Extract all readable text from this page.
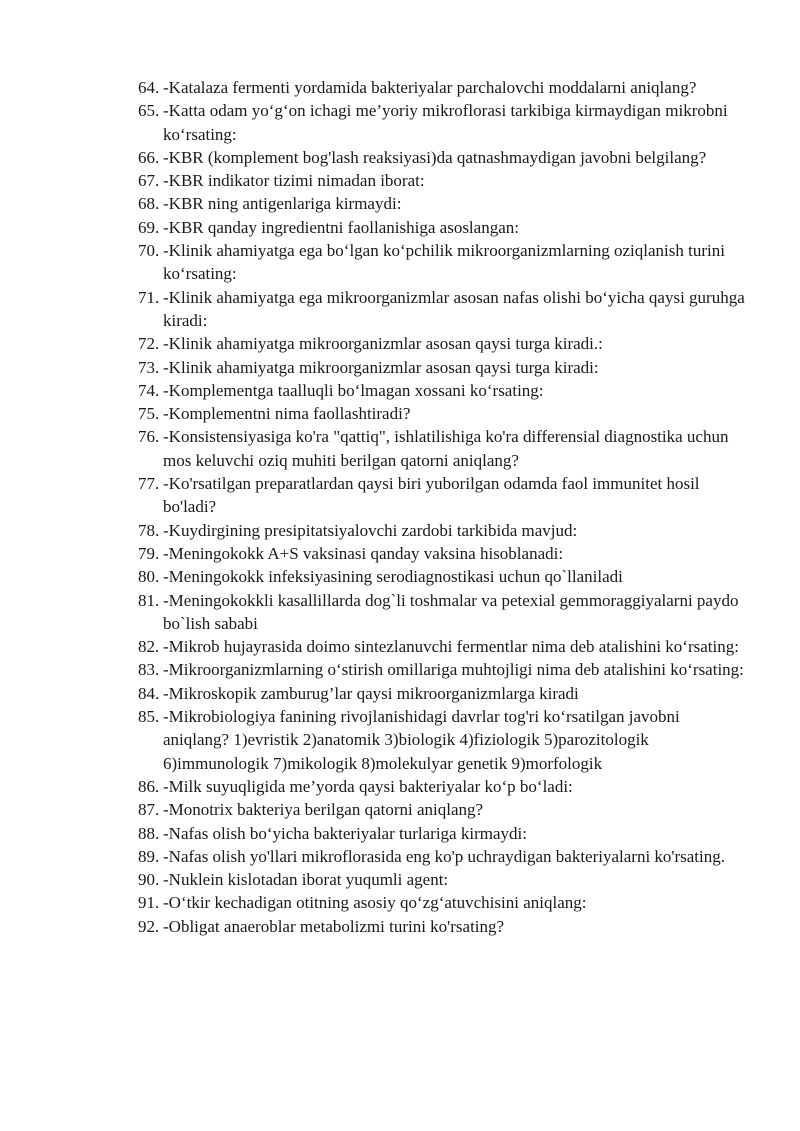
64. -Katalaza fermenti yordamida bakteriyalar parchalovchi moddalarni aniqlang?
65. -Katta odam yo‘g‘on ichagi me’yoriy mikroflorasi tarkibiga kirmaydigan mikrobni ko‘rsating:
66. -KBR (komplement bog'lash reaksiyasi)da qatnashmaydigan javobni belgilang?
67. -KBR indikator tizimi nimadan iborat:
68. -KBR ning antigenlariga kirmaydi:
69. -KBR qanday ingredientni faollanishiga asoslangan:
70. -Klinik ahamiyatga ega bo‘lgan ko‘pchilik mikroorganizmlarning oziqlanish turini ko‘rsating:
71. -Klinik ahamiyatga ega mikroorganizmlar asosan nafas olishi bo‘yicha qaysi guruhga kiradi:
72. -Klinik ahamiyatga mikroorganizmlar asosan qaysi turga kiradi.:
73. -Klinik ahamiyatga mikroorganizmlar asosan qaysi turga kiradi:
74. -Komplementga taalluqli bo‘lmagan xossani ko‘rsating:
75. -Komplementni nima faollashtiradi?
76. -Konsistensiyasiga ko'ra "qattiq", ishlatilishiga ko'ra differensial diagnostika uchun mos keluvchi oziq muhiti berilgan qatorni aniqlang?
77. -Ko'rsatilgan preparatlardan qaysi biri yuborilgan odamda faol immunitet hosil bo'ladi?
78. -Kuydirgining presipitatsiyalovchi zardobi tarkibida mavjud:
79. -Meningokokk A+S vaksinasi qanday vaksina hisoblanadi:
80. -Meningokokk infeksiyasining serodiagnostikasi uchun qo`llaniladi
81. -Meningokokkli kasallillarda dog`li toshmalar va petexial gemmoraggiyalarni paydo bo`lish sababi
82. -Mikrob hujayrasida doimo sintezlanuvchi fermentlar nima deb atalishini ko‘rsating:
83. -Mikroorganizmlarning o‘stirish omillariga muhtojligi nima deb atalishini ko‘rsating:
84. -Mikroskopik zamburug’lar qaysi mikroorganizmlarga kiradi
85. -Mikrobiologiya fanining rivojlanishidagi davrlar tog'ri ko‘rsatilgan javobni aniqlang? 1)evristik 2)anatomik 3)biologik 4)fiziologik 5)parozitologik 6)immunologik 7)mikologik 8)molekulyar genetik 9)morfologik
86. -Milk suyuqligida me’yorda qaysi bakteriyalar ko‘p bo‘ladi:
87. -Monotrix bakteriya berilgan qatorni aniqlang?
88. -Nafas olish bo‘yicha bakteriyalar turlariga kirmaydi:
89. -Nafas olish yo'llari mikroflorasida eng ko'p uchraydigan bakteriyalarni ko'rsating.
90. -Nuklein kislotadan iborat yuqumli agent:
91. -O‘tkir kechadigan otitning asosiy qo‘zg‘atuvchisini aniqlang:
92. -Obligat anaeroblar metabolizmi turini ko'rsating?
